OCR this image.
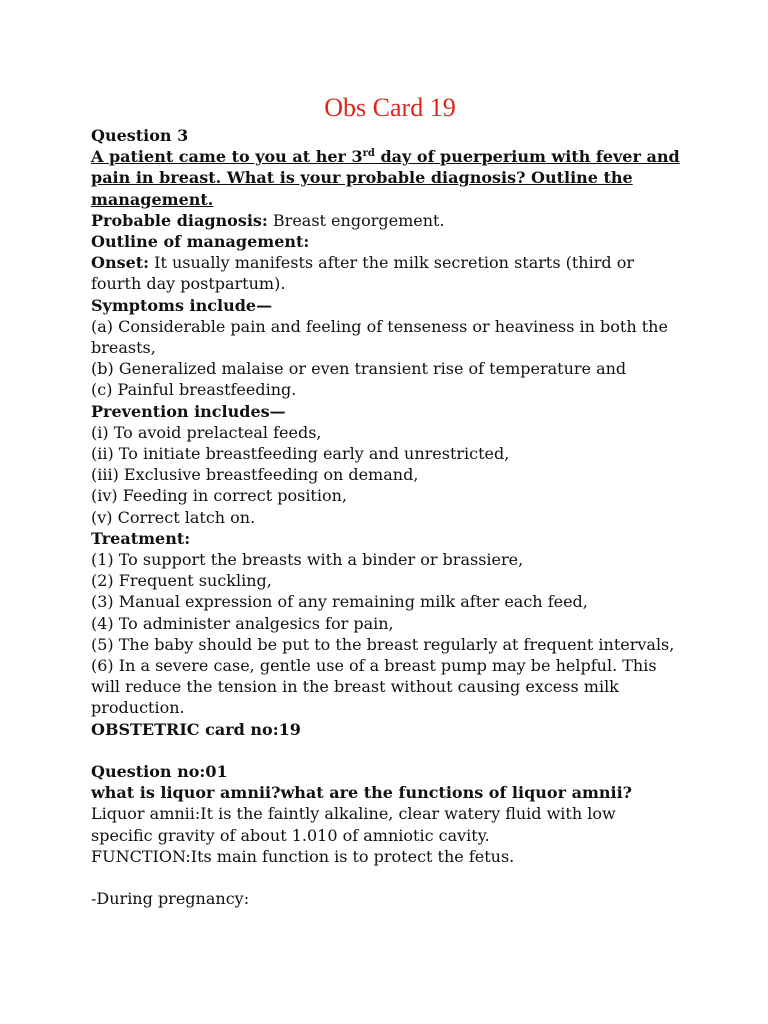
Obs Card 19

Question 3

A patient came to you at her 3rd day of puerperium with fever and pain in breast. What is your probable diagnosis? Outline the management.

Probable diagnosis: Breast engorgement.

Outline of management:

Onset: It usually manifests after the milk secretion starts (third or fourth day postpartum).

Symptoms include—

(a) Considerable pain and feeling of tenseness or heaviness in both the breasts,

(b) Generalized malaise or even transient rise of temperature and

(c) Painful breastfeeding.

Prevention includes—

(i) To avoid prelacteal feeds,

(ii) To initiate breastfeeding early and unrestricted,

(iii) Exclusive breastfeeding on demand,

(iv) Feeding in correct position,

(v) Correct latch on.

Treatment:

(1) To support the breasts with a binder or brassiere,

(2) Frequent suckling,

(3) Manual expression of any remaining milk after each feed,

(4) To administer analgesics for pain,

(5) The baby should be put to the breast regularly at frequent intervals,

(6) In a severe case, gentle use of a breast pump may be helpful. This will reduce the tension in the breast without causing excess milk production.

OBSTETRIC card no:19

Question no:01

what is liquor amnii?what are the functions of liquor amnii?

Liquor amnii:It is the faintly alkaline, clear watery fluid with low specific gravity of about 1.010 of amniotic cavity.

FUNCTION:Its main function is to protect the fetus.

-During pregnancy:
